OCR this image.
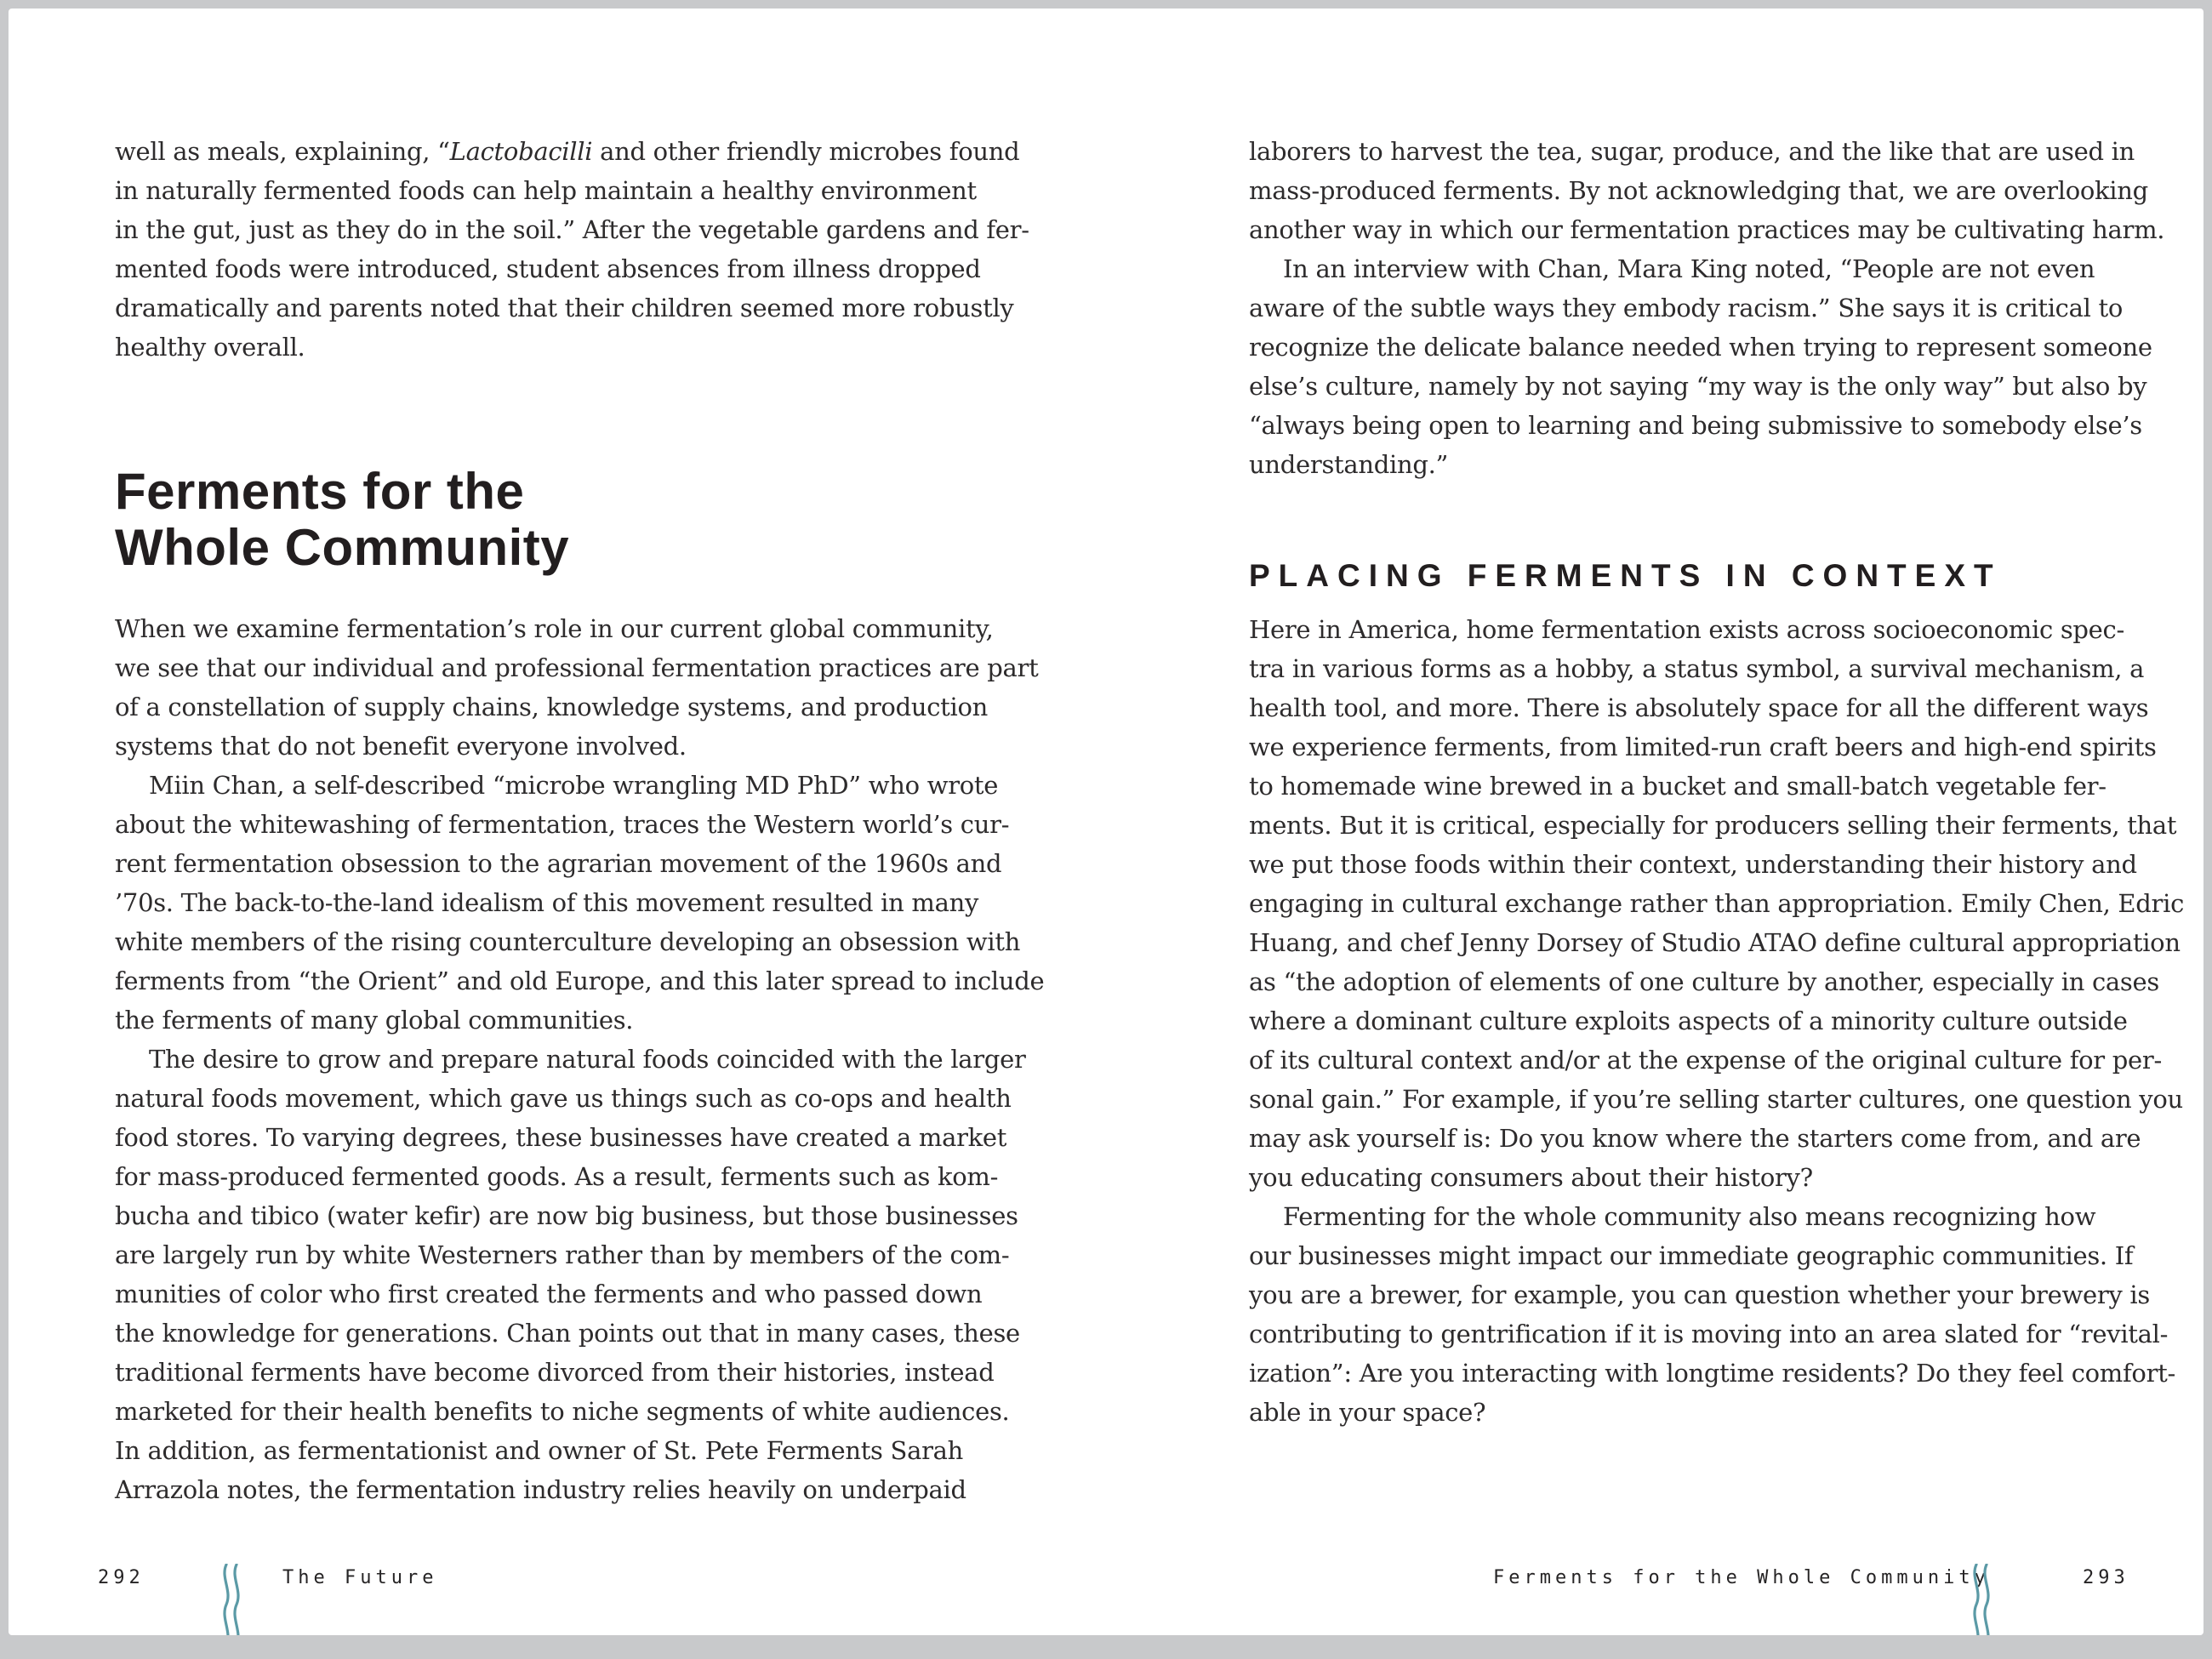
well as meals, explaining, “Lactobacilli and other friendly microbes found
in naturally fermented foods can help maintain a healthy environment
in the gut, just as they do in the soil.” After the vegetable gardens and fer-
mented foods were introduced, student absences from illness dropped
dramatically and parents noted that their children seemed more robustly
healthy overall.
Ferments for the
Whole Community
When we examine fermentation’s role in our current global community,
we see that our individual and professional fermentation practices are part
of a constellation of supply chains, knowledge systems, and production
systems that do not benefit everyone involved.
Miin Chan, a self-described “microbe wrangling MD PhD” who wrote
about the whitewashing of fermentation, traces the Western world’s cur-
rent fermentation obsession to the agrarian movement of the 1960s and
’70s. The back-to-the-land idealism of this movement resulted in many
white members of the rising counterculture developing an obsession with
ferments from “the Orient” and old Europe, and this later spread to include
the ferments of many global communities.
The desire to grow and prepare natural foods coincided with the larger
natural foods movement, which gave us things such as co-ops and health
food stores. To varying degrees, these businesses have created a market
for mass-produced fermented goods. As a result, ferments such as kom-
bucha and tibico (water kefir) are now big business, but those businesses
are largely run by white Westerners rather than by members of the com-
munities of color who first created the ferments and who passed down
the knowledge for generations. Chan points out that in many cases, these
traditional ferments have become divorced from their histories, instead
marketed for their health benefits to niche segments of white audiences.
In addition, as fermentationist and owner of St. Pete Ferments Sarah
Arrazola notes, the fermentation industry relies heavily on underpaid
laborers to harvest the tea, sugar, produce, and the like that are used in
mass-produced ferments. By not acknowledging that, we are overlooking
another way in which our fermentation practices may be cultivating harm.
In an interview with Chan, Mara King noted, “People are not even
aware of the subtle ways they embody racism.” She says it is critical to
recognize the delicate balance needed when trying to represent someone
else’s culture, namely by not saying “my way is the only way” but also by
“always being open to learning and being submissive to somebody else’s
understanding.”
PLACING FERMENTS IN CONTEXT
Here in America, home fermentation exists across socioeconomic spec-
tra in various forms as a hobby, a status symbol, a survival mechanism, a
health tool, and more. There is absolutely space for all the different ways
we experience ferments, from limited-run craft beers and high-end spirits
to homemade wine brewed in a bucket and small-batch vegetable fer-
ments. But it is critical, especially for producers selling their ferments, that
we put those foods within their context, understanding their history and
engaging in cultural exchange rather than appropriation. Emily Chen, Edric
Huang, and chef Jenny Dorsey of Studio ATAO define cultural appropriation
as “the adoption of elements of one culture by another, especially in cases
where a dominant culture exploits aspects of a minority culture outside
of its cultural context and/or at the expense of the original culture for per-
sonal gain.” For example, if you’re selling starter cultures, one question you
may ask yourself is: Do you know where the starters come from, and are
you educating consumers about their history?
Fermenting for the whole community also means recognizing how
our businesses might impact our immediate geographic communities. If
you are a brewer, for example, you can question whether your brewery is
contributing to gentrification if it is moving into an area slated for “revital-
ization”: Are you interacting with longtime residents? Do they feel comfort-
able in your space?
292	The Future	Ferments for the Whole Community	293
